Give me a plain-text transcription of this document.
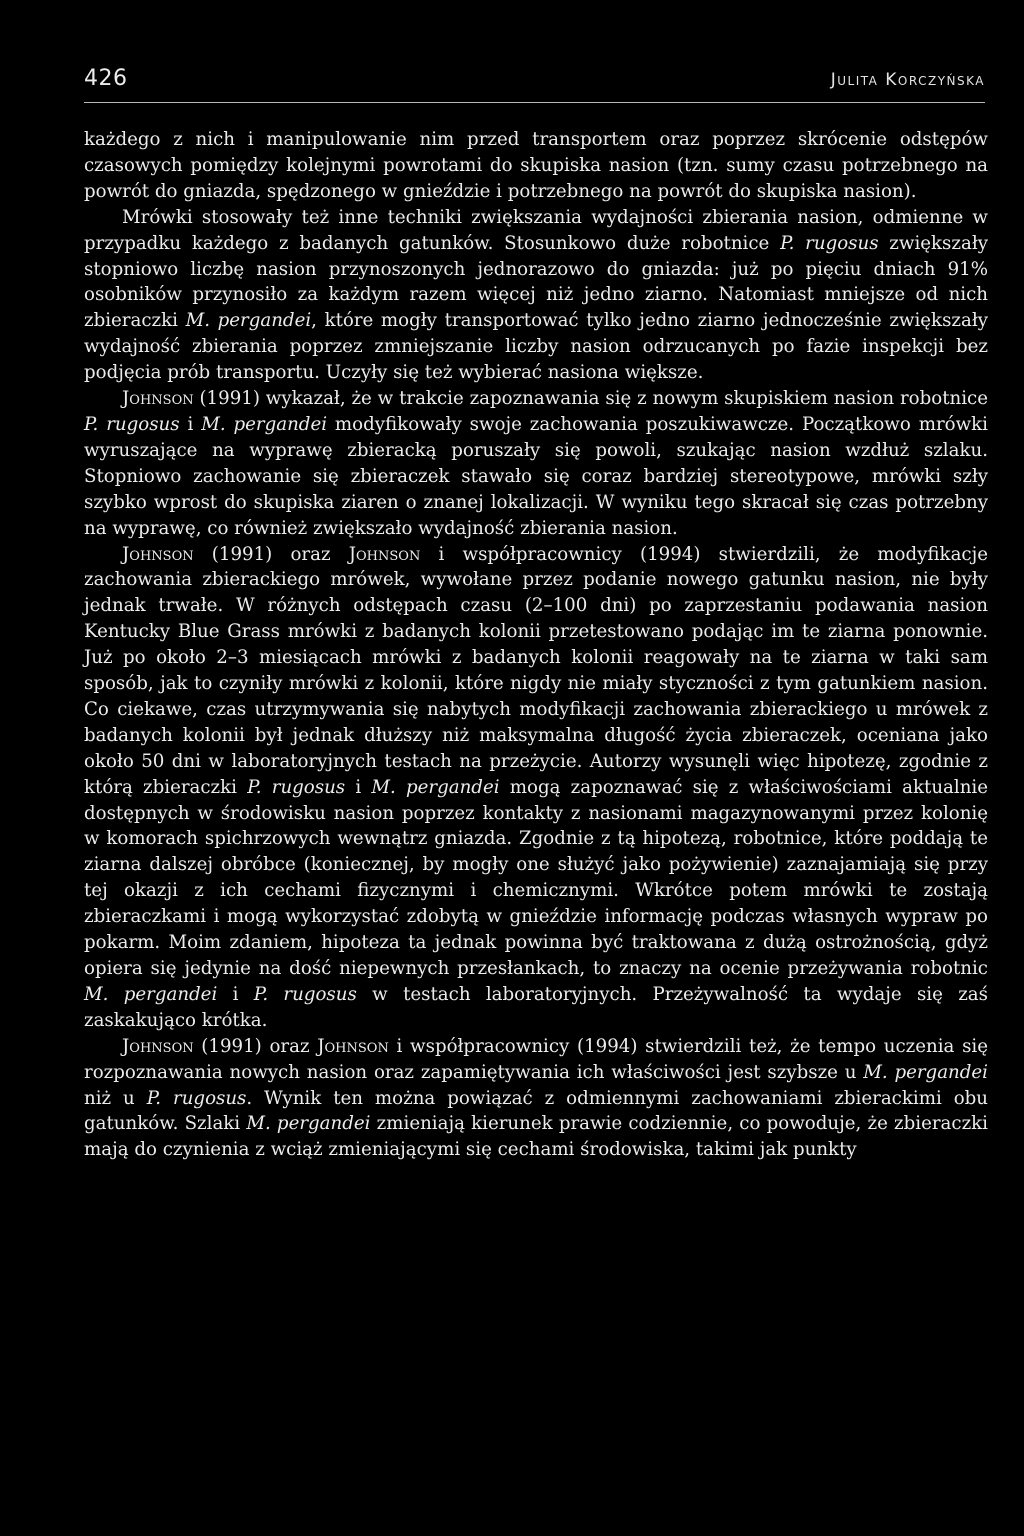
426	Julita Korczyńska

każdego z nich i manipulowanie nim przed transportem oraz poprzez skrócenie odstępów czasowych pomiędzy kolejnymi powrotami do skupiska nasion (tzn. sumy czasu potrzebnego na powrót do gniazda, spędzonego w gnieździe i potrzebnego na powrót do skupiska nasion).

Mrówki stosowały też inne techniki zwiększania wydajności zbierania nasion, odmienne w przypadku każdego z badanych gatunków. Stosunkowo duże robotnice P. rugosus zwiększały stopniowo liczbę nasion przynoszonych jednorazowo do gniazda: już po pięciu dniach 91% osobników przynosiło za każdym razem więcej niż jedno ziarno. Natomiast mniejsze od nich zbieraczki M. pergandei, które mogły transportować tylko jedno ziarno jednocześnie zwiększały wydajność zbierania poprzez zmniejszanie liczby nasion odrzucanych po fazie inspekcji bez podjęcia prób transportu. Uczyły się też wybierać nasiona większe.

Johnson (1991) wykazał, że w trakcie zapoznawania się z nowym skupiskiem nasion robotnice P. rugosus i M. pergandei modyfikowały swoje zachowania poszukiwawcze. Początkowo mrówki wyruszające na wyprawę zbieracką poruszały się powoli, szukając nasion wzdłuż szlaku. Stopniowo zachowanie się zbieraczek stawało się coraz bardziej stereotypowe, mrówki szły szybko wprost do skupiska ziaren o znanej lokalizacji. W wyniku tego skracał się czas potrzebny na wyprawę, co również zwiększało wydajność zbierania nasion.

Johnson (1991) oraz Johnson i współpracownicy (1994) stwierdzili, że modyfikacje zachowania zbierackiego mrówek, wywołane przez podanie nowego gatunku nasion, nie były jednak trwałe. W różnych odstępach czasu (2–100 dni) po zaprzestaniu podawania nasion Kentucky Blue Grass mrówki z badanych kolonii przetestowano podając im te ziarna ponownie. Już po około 2–3 miesiącach mrówki z badanych kolonii reagowały na te ziarna w taki sam sposób, jak to czyniły mrówki z kolonii, które nigdy nie miały styczności z tym gatunkiem nasion. Co ciekawe, czas utrzymywania się nabytych modyfikacji zachowania zbierackiego u mrówek z badanych kolonii był jednak dłuższy niż maksymalna długość życia zbieraczek, oceniana jako około 50 dni w laboratoryjnych testach na przeżycie. Autorzy wysunęli więc hipotezę, zgodnie z którą zbieraczki P. rugosus i M. pergandei mogą zapoznawać się z właściwościami aktualnie dostępnych w środowisku nasion poprzez kontakty z nasionami magazynowanymi przez kolonię w komorach spichrzowych wewnątrz gniazda. Zgodnie z tą hipotezą, robotnice, które poddają te ziarna dalszej obróbce (koniecznej, by mogły one służyć jako pożywienie) zaznajamiają się przy tej okazji z ich cechami fizycznymi i chemicznymi. Wkrótce potem mrówki te zostają zbieraczkami i mogą wykorzystać zdobytą w gnieździe informację podczas własnych wypraw po pokarm. Moim zdaniem, hipoteza ta jednak powinna być traktowana z dużą ostrożnością, gdyż opiera się jedynie na dość niepewnych przesłankach, to znaczy na ocenie przeżywania robotnic M. pergandei i P. rugosus w testach laboratoryjnych. Przeżywalność ta wydaje się zaś zaskakująco krótka.

Johnson (1991) oraz Johnson i współpracownicy (1994) stwierdzili też, że tempo uczenia się rozpoznawania nowych nasion oraz zapamiętywania ich właściwości jest szybsze u M. pergandei niż u P. rugosus. Wynik ten można powiązać z odmiennymi zachowaniami zbierackimi obu gatunków. Szlaki M. pergandei zmieniają kierunek prawie codziennie, co powoduje, że zbieraczki mają do czynienia z wciąż zmieniającymi się cechami środowiska, takimi jak punkty
